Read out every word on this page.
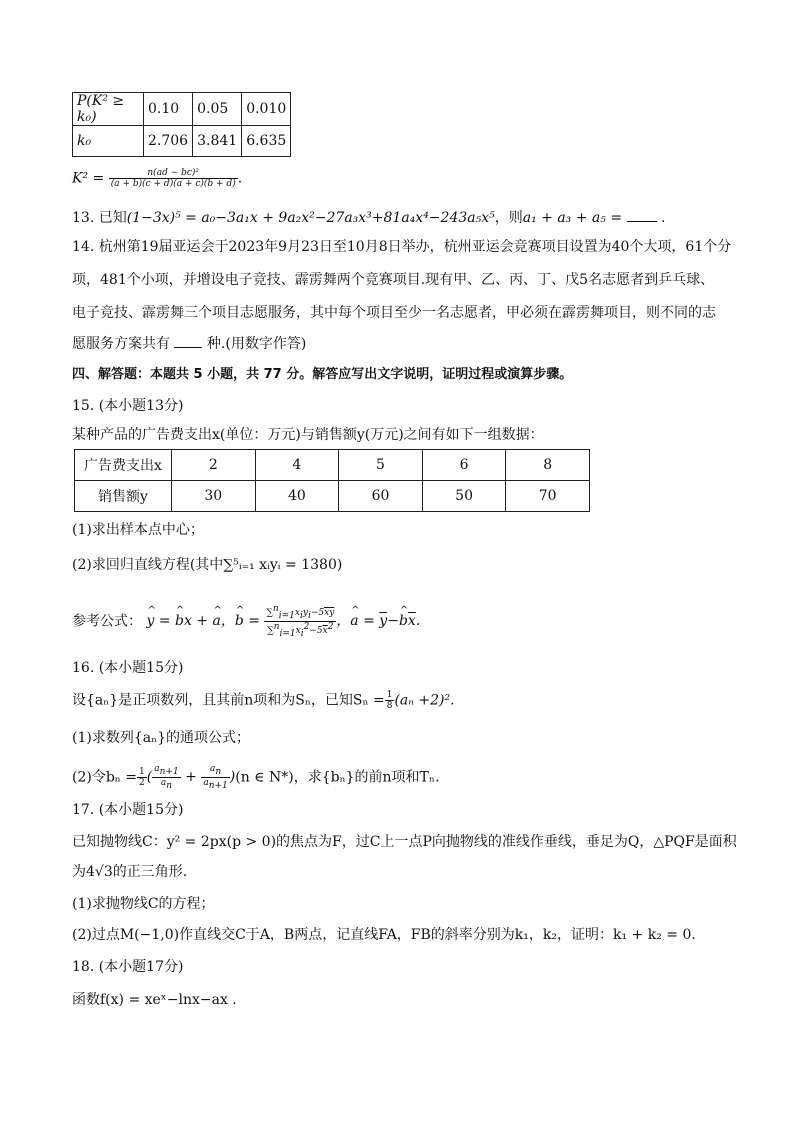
P(K² ≥ k₀)	0.10	0.05	0.010
k₀	2.706	3.841	6.635
$K^2 = \frac{\text{n(ad − bc)²}}{(a + b)(c + d)(a + c)(b + d)}$ .
13. 已知(1−3x)⁵ = a₀−3a₁x + 9a₂x²−27a₃x³+81a₄x⁴−243a₅x⁵，则a₁ + a₃ + a₅ =	.
14. 杭州第19届亚运会于2023年9月23日至10月8日举办，杭州亚运会竞赛项目设置为40个大项，61个分
项，481个小项，并增设电子竞技、霹雳舞两个竞赛项目.现有甲、乙、丙、丁、戊5名志愿者到乒乓球、
电子竞技、霹雳舞三个项目志愿服务，其中每个项目至少一名志愿者，甲必须在霹雳舞项目，则不同的志
愿服务方案共有	种.(用数字作答)
四、解答题：本题共 5 小题，共 77 分。解答应写出文字说明，证明过程或演算步骤。
15. (本小题13分)
某种产品的广告费支出x(单位：万元)与销售额y(万元)之间有如下一组数据：
广告费支出x	2	4	5	6	8
销售额y	30	40	60	50	70
(1)求出样本点中心；
(2)求回归直线方程(其中∑⁵ᵢ₌₁ xᵢyᵢ = 1380)
参考公式： ^ y = ^ bx + ^ a，^ $b = \frac{\sum^n_{i=1}x_iy_i-5\overline{x}\overline{y}}{\sum^n_{i=1}x_i^2-5\overline{x}^2}$ ，^ $a = \overline{y}-\^{}$ $b\overline{x}$.
16. (本小题15分)
设{aₙ}是正项数列，且其前n项和为Sₙ，已知$S_n = \frac{1}{8} (a_n +2)^2$.
(1)求数列{aₙ}的通项公式；
(2)令$b_n = \frac{1}{2}$ ( $\frac{a_{n+1}}{a_n} + \frac{a_n}{a_{n+1}} )(n$ ∈ N*)，求{bₙ}的前n项和Tₙ.
17. (本小题15分)
已知抛物线C：y² = 2px(p > 0)的焦点为F，过C上一点P向抛物线的准线作垂线，垂足为Q，△PQF是面积
为4√3的正三角形.
(1)求抛物线C的方程；
(2)过点M(−1,0)作直线交C于A，B两点，记直线FA，FB的斜率分别为k₁，k₂，证明：k₁ + k₂ = 0.
18. (本小题17分)
函数f(x) = xeˣ−lnx−ax .
